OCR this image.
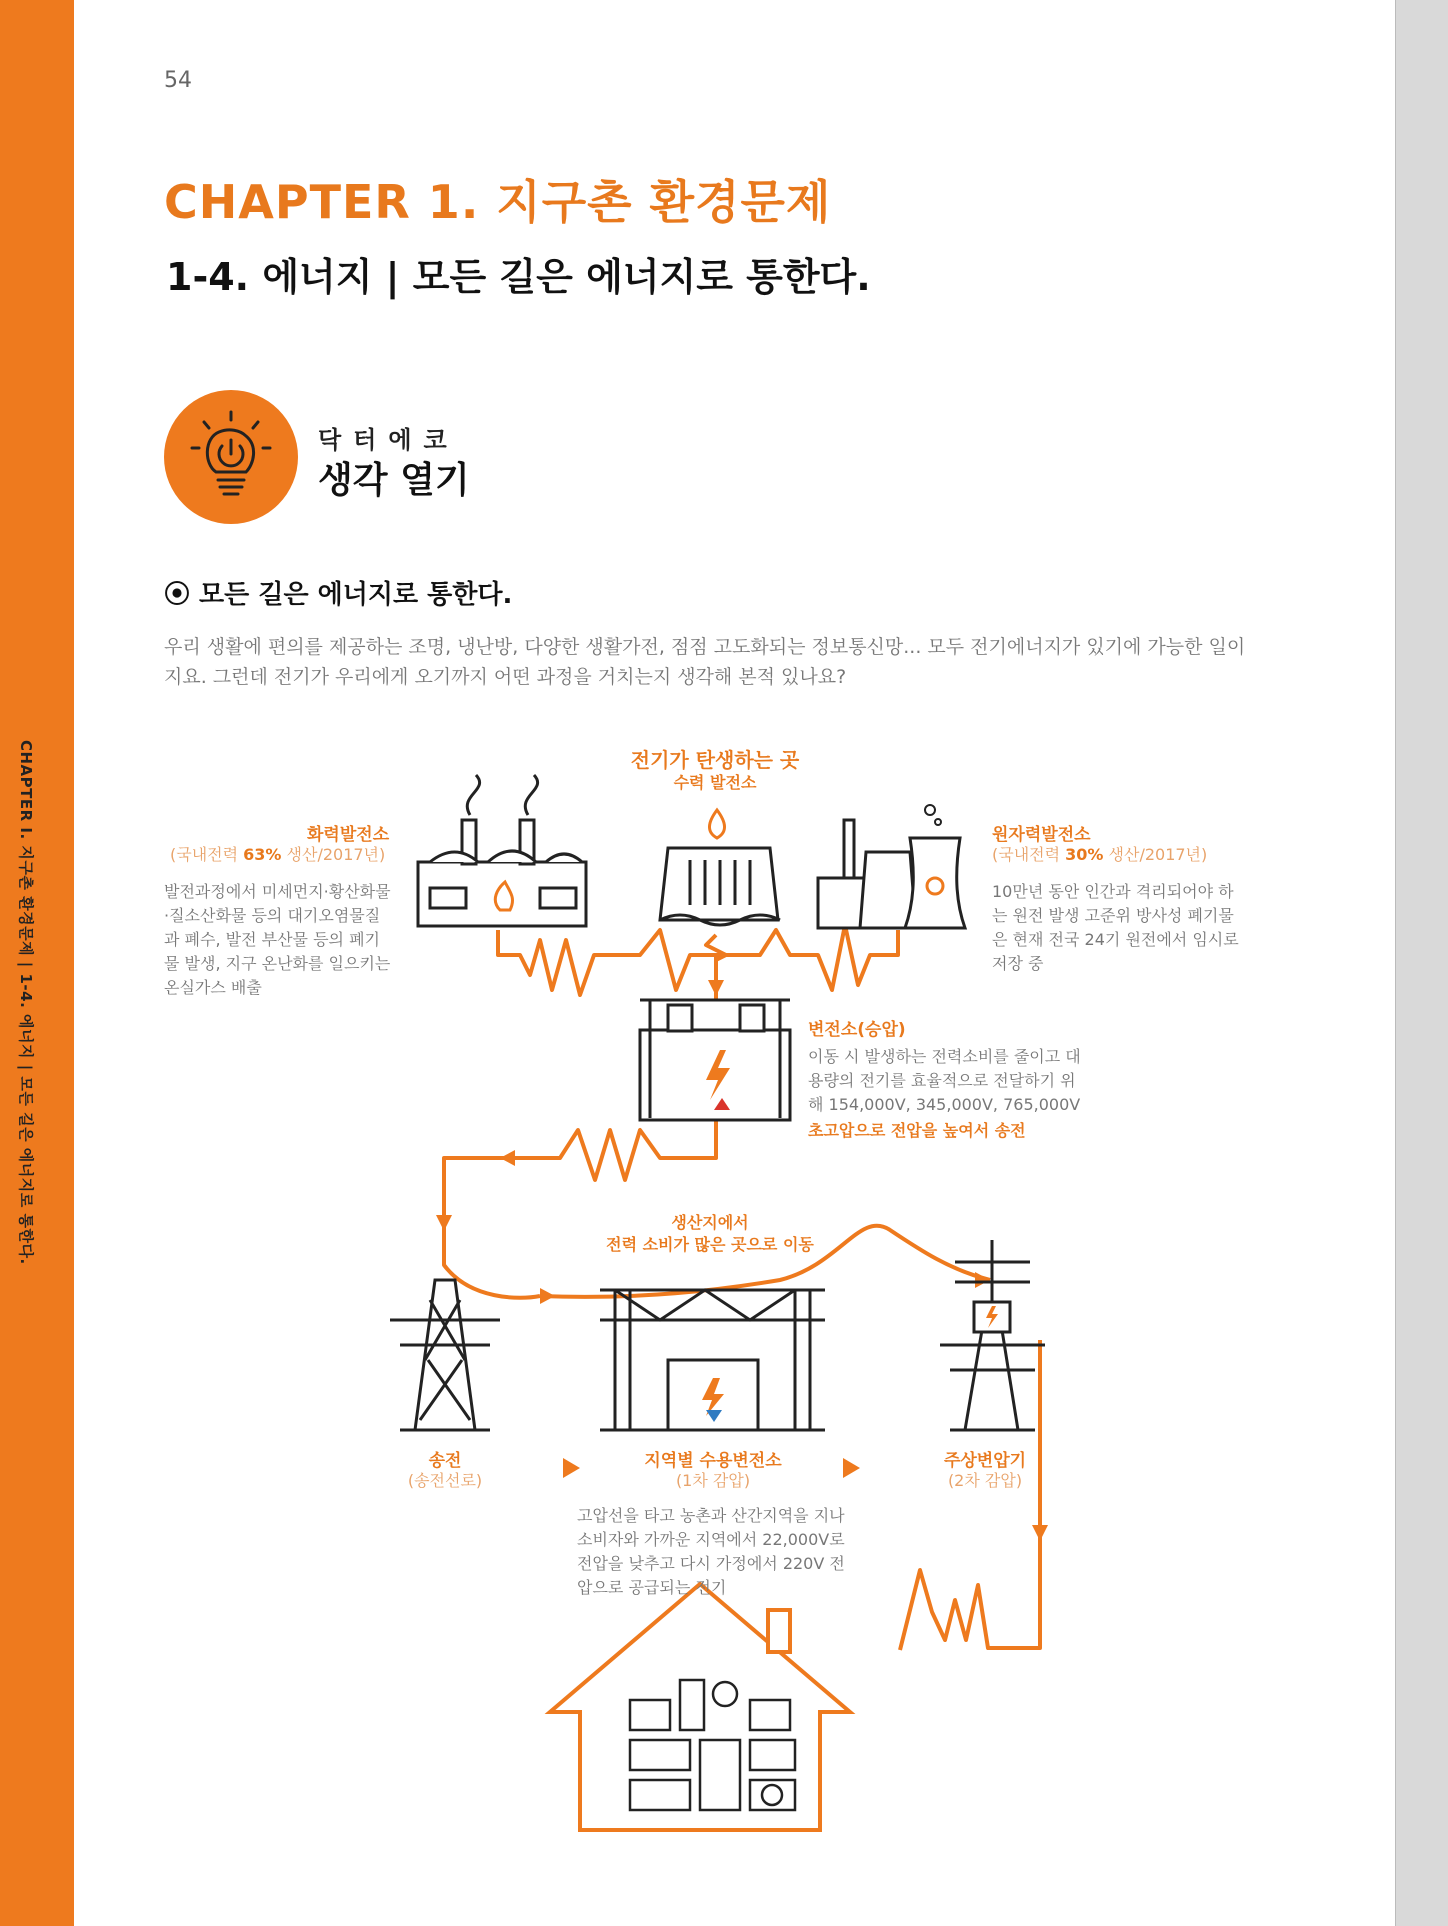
CHAPTER I. 지구촌 환경문제 | 1-4. 에너지 | 모든 길은 에너지로 통한다.
54
CHAPTER 1. 지구촌 환경문제
1-4. 에너지 | 모든 길은 에너지로 통한다.
닥터에코
생각 열기
⦿ 모든 길은 에너지로 통한다.
우리 생활에 편의를 제공하는 조명, 냉난방, 다양한 생활가전, 점점 고도화되는 정보통신망... 모두 전기에너지가 있기에 가능한 일이지요. 그런데 전기가 우리에게 오기까지 어떤 과정을 거치는지 생각해 본적 있나요?
전기가 탄생하는 곳
수력 발전소
화력발전소
(국내전력 63% 생산/2017년)
발전과정에서 미세먼지·황산화물·질소산화물 등의 대기오염물질과 폐수, 발전 부산물 등의 폐기물 발생, 지구 온난화를 일으키는 온실가스 배출
원자력발전소
(국내전력 30% 생산/2017년)
10만년 동안 인간과 격리되어야 하는 원전 발생 고준위 방사성 폐기물은 현재 전국 24기 원전에서 임시로 저장 중
변전소(승압)
이동 시 발생하는 전력소비를 줄이고 대용량의 전기를 효율적으로 전달하기 위해 154,000V, 345,000V, 765,000V
초고압으로 전압을 높여서 송전
생산지에서
전력 소비가 많은 곳으로 이동
송전
(송전선로)
지역별 수용변전소
(1차 감압)
주상변압기
(2차 감압)
고압선을 타고 농촌과 산간지역을 지나 소비자와 가까운 지역에서 22,000V로 전압을 낮추고 다시 가정에서 220V 전압으로 공급되는 전기
